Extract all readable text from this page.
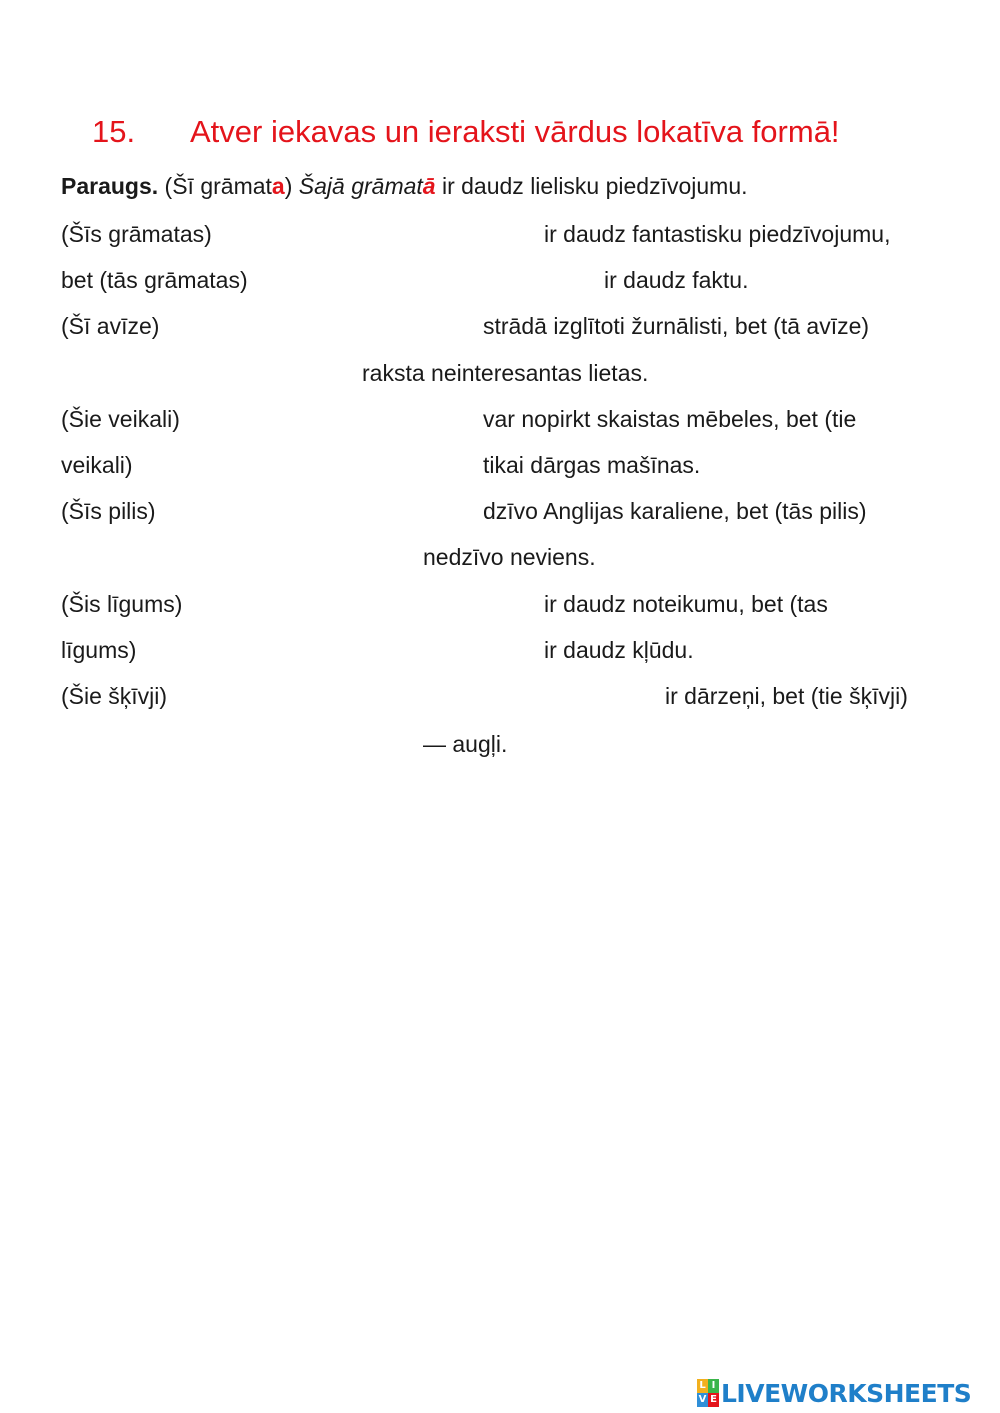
15. Atver iekavas un ieraksti vārdus lokatīva formā!
Paraugs. (Šī grāmata) Šajā grāmatā ir daudz lielisku piedzīvojumu.
(Šīs grāmatas)	ir daudz fantastisku piedzīvojumu,
bet (tās grāmatas)	ir daudz faktu.
(Šī avīze)	strādā izglītoti žurnālisti, bet (tā avīze)
raksta neinteresantas lietas.
(Šie veikali)	var nopirkt skaistas mēbeles, bet (tie
veikali)	tikai dārgas mašīnas.
(Šīs pilis)	dzīvo Anglijas karaliene, bet (tās pilis)
nedzīvo neviens.
(Šis līgums)	ir daudz noteikumu, bet (tas
līgums)	ir daudz kļūdu.
(Šie šķīvji)	ir dārzeņi, bet (tie šķīvji)
— augļi.
L I
V E LIVEWORKSHEETS
